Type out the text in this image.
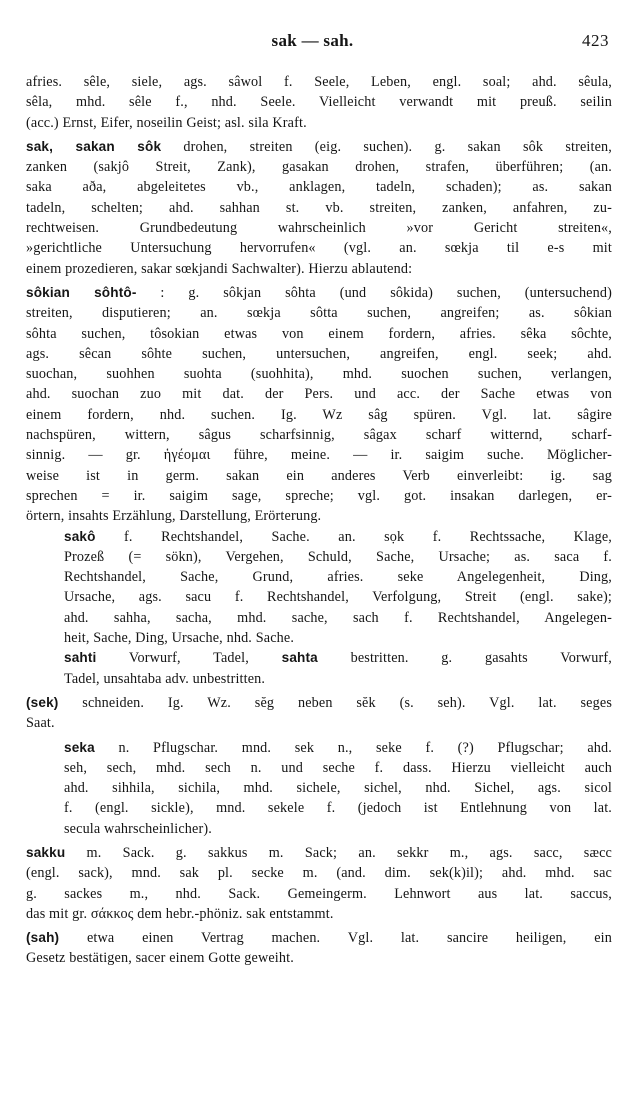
sak — sah.	423
afries. sêle, siele, ags. sâwol f. Seele, Leben, engl. soal; ahd. sêula,
sêla, mhd. sêle f., nhd. Seele. Vielleicht verwandt mit preuß. seilin
(acc.) Ernst, Eifer, noseilin Geist; asl. sila Kraft.
sak, sakan sôk drohen, streiten (eig. suchen). g. sakan sôk streiten,
zanken (sakjô Streit, Zank), gasakan drohen, strafen, überführen; (an.
saka aða, abgeleitetes vb., anklagen, tadeln, schaden); as. sakan
tadeln, schelten; ahd. sahhan st. vb. streiten, zanken, anfahren, zu-
rechtweisen. Grundbedeutung wahrscheinlich »vor Gericht streiten«,
»gerichtliche Untersuchung hervorrufen« (vgl. an. sœkja til e-s mit
einem prozedieren, sakar sœkjandi Sachwalter). Hierzu ablautend:
sôkian sôhtô- : g. sôkjan sôhta (und sôkida) suchen, (untersuchend)
streiten, disputieren; an. sœkja sôtta suchen, angreifen; as. sôkian
sôhta suchen, tôsokian etwas von einem fordern, afries. sêka sôchte,
ags. sêcan sôhte suchen, untersuchen, angreifen, engl. seek; ahd.
suochan, suohhen suohta (suohhita), mhd. suochen suchen, verlangen,
ahd. suochan zuo mit dat. der Pers. und acc. der Sache etwas von
einem fordern, nhd. suchen. Ig. Wz sâg spüren. Vgl. lat. sâgire
nachspüren, wittern, sâgus scharfsinnig, sâgax scharf witternd, scharf-
sinnig. — gr. ἡγέομαι führe, meine. — ir. saigim suche. Möglicher-
weise ist in germ. sakan ein anderes Verb einverleibt: ig. sag
sprechen = ir. saigim sage, spreche; vgl. got. insakan darlegen, er-
örtern, insahts Erzählung, Darstellung, Erörterung.
sakô f. Rechtshandel, Sache. an. sọk f. Rechtssache, Klage,
Prozeß (= sökn), Vergehen, Schuld, Sache, Ursache; as. saca f.
Rechtshandel, Sache, Grund, afries. seke Angelegenheit, Ding,
Ursache, ags. sacu f. Rechtshandel, Verfolgung, Streit (engl. sake);
ahd. sahha, sacha, mhd. sache, sach f. Rechtshandel, Angelegen-
heit, Sache, Ding, Ursache, nhd. Sache.
sahti Vorwurf, Tadel, sahta bestritten. g. gasahts Vorwurf,
Tadel, unsahtaba adv. unbestritten.
(sek) schneiden. Ig. Wz. sĕg neben sĕk (s. seh). Vgl. lat. seges
Saat.
seka n. Pflugschar. mnd. sek n., seke f. (?) Pflugschar; ahd.
seh, sech, mhd. sech n. und seche f. dass. Hierzu vielleicht auch
ahd. sihhila, sichila, mhd. sichele, sichel, nhd. Sichel, ags. sicol
f. (engl. sickle), mnd. sekele f. (jedoch ist Entlehnung von lat.
secula wahrscheinlicher).
sakku m. Sack. g. sakkus m. Sack; an. sekkr m., ags. sacc, sæcc
(engl. sack), mnd. sak pl. secke m. (and. dim. sek(k)il); ahd. mhd. sac
g. sackes m., nhd. Sack. Gemeingerm. Lehnwort aus lat. saccus,
das mit gr. σάκκος dem hebr.-phöniz. sak entstammt.
(sah) etwa einen Vertrag machen. Vgl. lat. sancire heiligen, ein
Gesetz bestätigen, sacer einem Gotte geweiht.
